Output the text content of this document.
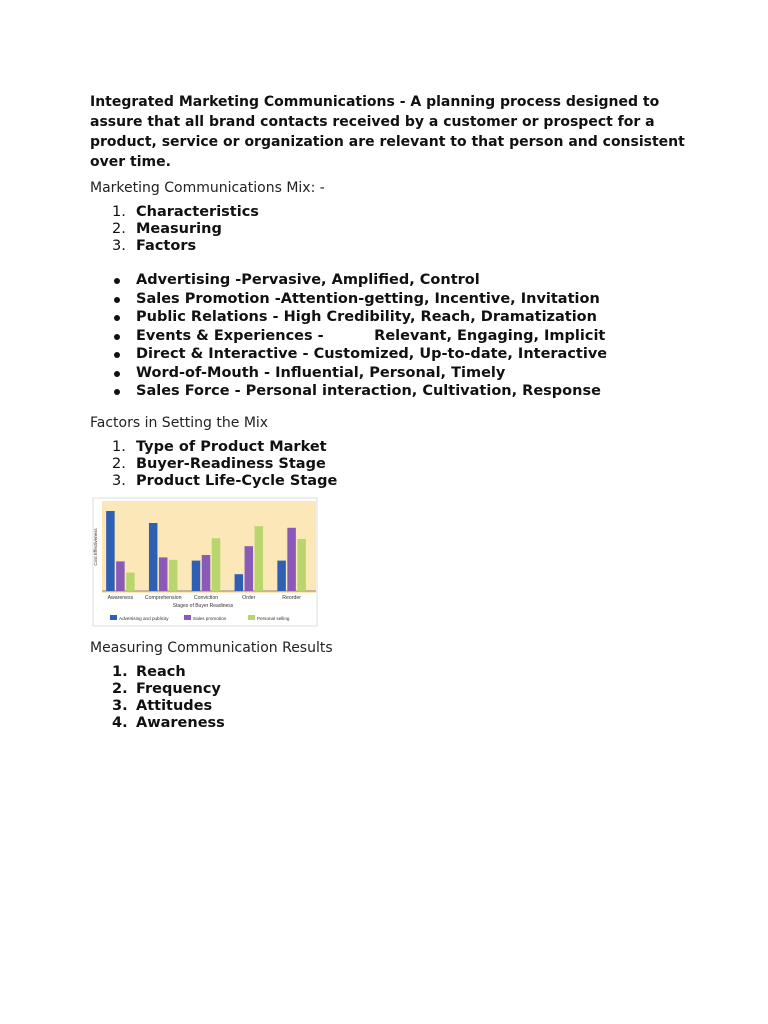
Integrated Marketing Communications - A planning process designed to
assure that all brand contacts received by a customer or prospect for a
product, service or organization are relevant to that person and consistent
over time.
Marketing Communications Mix: -
1. Characteristics
2. Measuring
3. Factors
Advertising -Pervasive, Amplified, Control
Sales Promotion -Attention-getting, Incentive, Invitation
Public Relations - High Credibility, Reach, Dramatization
Events & Experiences -          Relevant, Engaging, Implicit
Direct & Interactive - Customized, Up-to-date, Interactive
Word-of-Mouth - Influential, Personal, Timely
Sales Force - Personal interaction, Cultivation, Response
Factors in Setting the Mix
1. Type of Product Market
2. Buyer-Readiness Stage
3. Product Life-Cycle Stage
Awareness Comprehension Conviction	Order	Reorder
Stages of Buyer Readiness
Cost Effectiveness
Advertising and publicity	Sales promotion	Personal selling
Measuring Communication Results
1. Reach
2. Frequency
3. Attitudes
4. Awareness
